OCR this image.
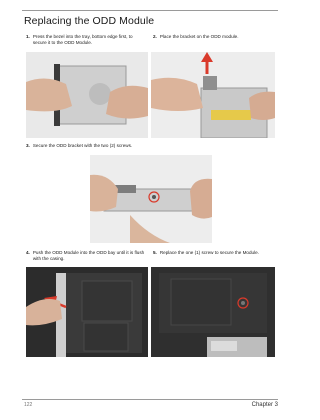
Replacing the ODD Module
1. Press the bezel into the tray, bottom edge first, to secure it to the ODD Module.
2. Place the bracket on the ODD module.
3. Secure the ODD bracket with the two (2) screws.
4. Push the ODD Module into the ODD bay until it is flush with the casing.
5. Replace the one (1) screw to secure the Module.
122	Chapter 3
